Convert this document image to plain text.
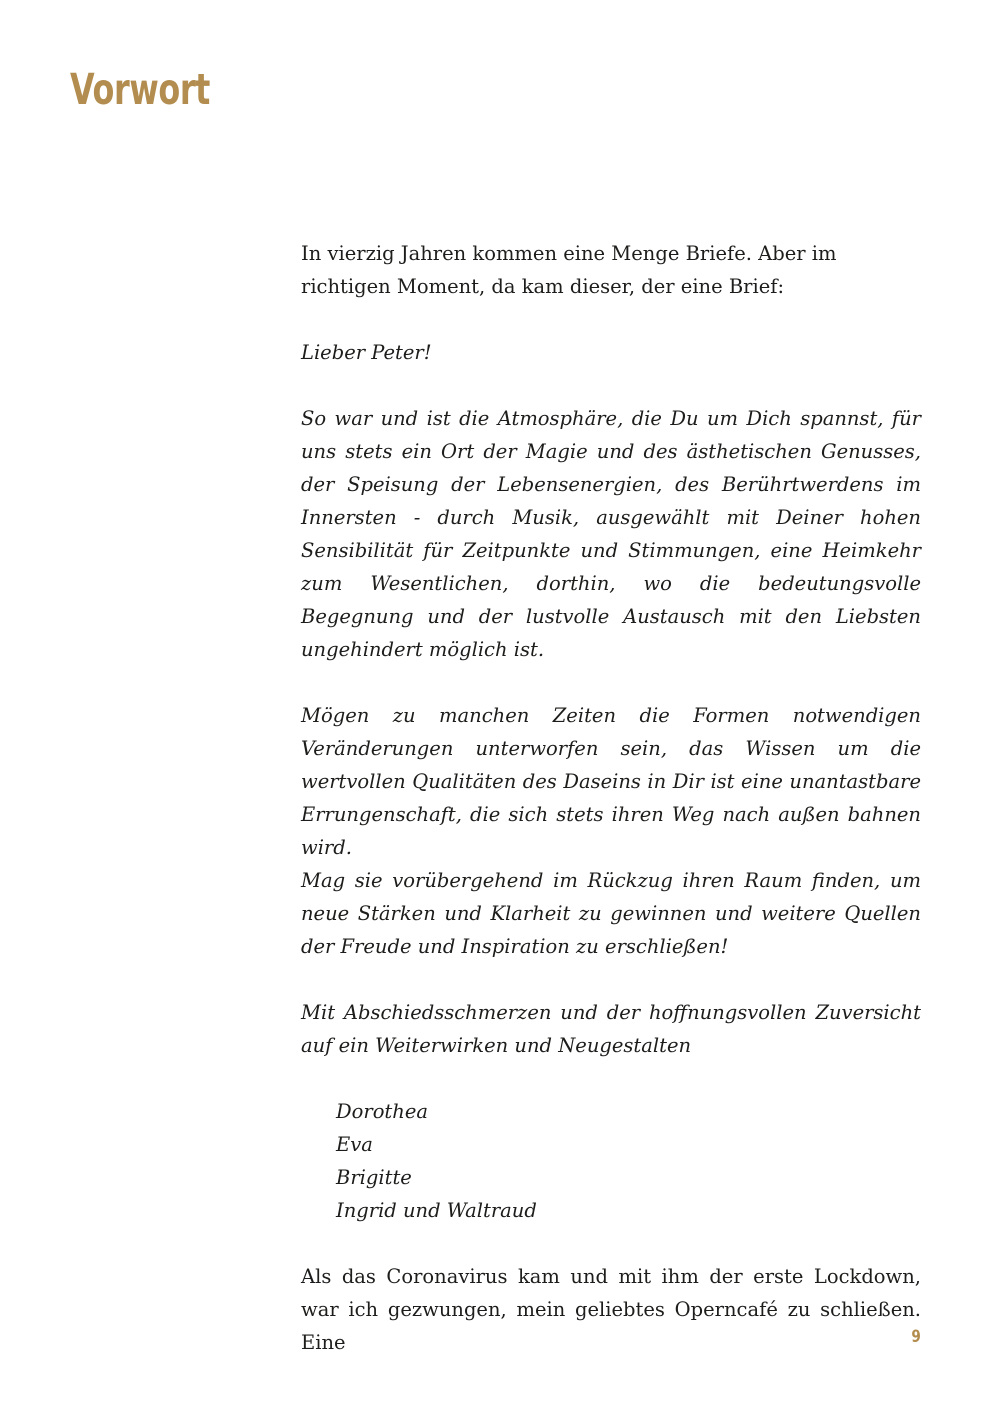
Vorwort

In vierzig Jahren kommen eine Menge Briefe. Aber im richtigen Moment, da kam dieser, der eine Brief:

Lieber Peter!

So war und ist die Atmosphäre, die Du um Dich spannst, für uns stets ein Ort der Magie und des ästhetischen Genusses, der Speisung der Lebensenergien, des Berührtwerdens im Innersten - durch Musik, ausgewählt mit Deiner hohen Sensibilität für Zeitpunkte und Stimmungen, eine Heimkehr zum Wesentlichen, dorthin, wo die bedeutungsvolle Begegnung und der lustvolle Austausch mit den Liebsten ungehindert möglich ist.

Mögen zu manchen Zeiten die Formen notwendigen Veränderungen unterworfen sein, das Wissen um die wertvollen Qualitäten des Daseins in Dir ist eine unantastbare Errungenschaft, die sich stets ihren Weg nach außen bahnen wird.

Mag sie vorübergehend im Rückzug ihren Raum finden, um neue Stärken und Klarheit zu gewinnen und weitere Quellen der Freude und Inspiration zu erschließen!

Mit Abschiedsschmerzen und der hoffnungsvollen Zuversicht auf ein Weiterwirken und Neugestalten

Dorothea
Eva
Brigitte
Ingrid und Waltraud

Als das Coronavirus kam und mit ihm der erste Lockdown, war ich gezwungen, mein geliebtes Operncafé zu schließen. Eine	9
